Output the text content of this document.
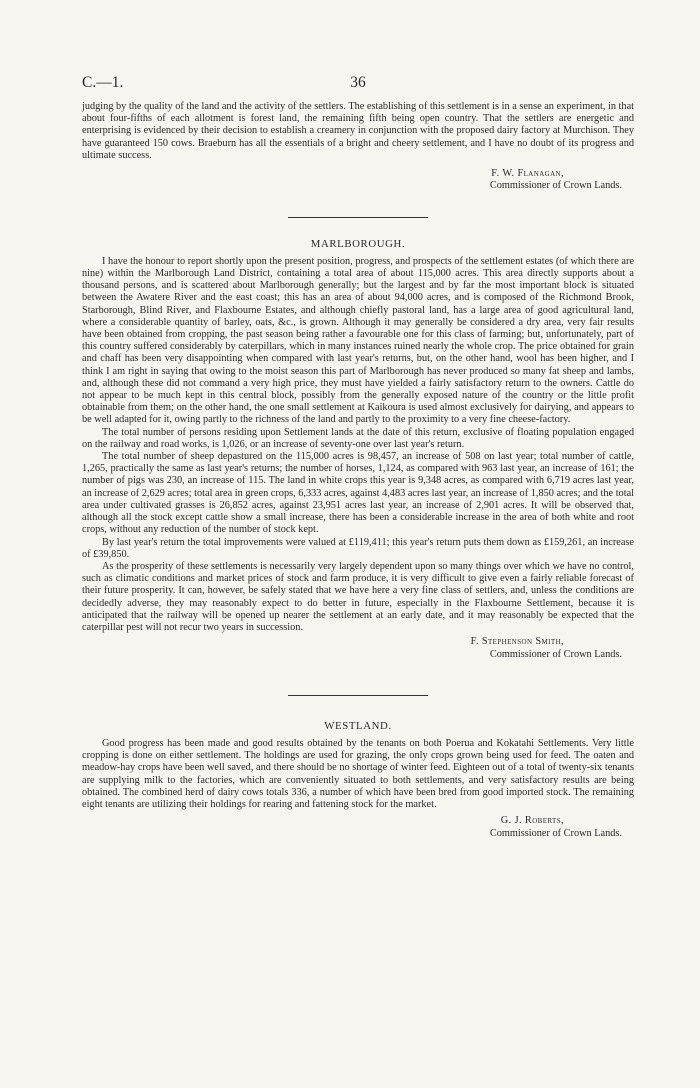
C.—1.	36

judging by the quality of the land and the activity of the settlers. The establishing of this settlement is in a sense an experiment, in that about four-fifths of each allotment is forest land, the remaining fifth being open country. That the settlers are energetic and enterprising is evidenced by their decision to establish a creamery in conjunction with the proposed dairy factory at Murchison. They have guaranteed 150 cows. Braeburn has all the essentials of a bright and cheery settlement, and I have no doubt of its progress and ultimate success.

F. W. Flanagan,
Commissioner of Crown Lands.
MARLBOROUGH.

I have the honour to report shortly upon the present position, progress, and prospects of the settlement estates (of which there are nine) within the Marlborough Land District, containing a total area of about 115,000 acres. This area directly supports about a thousand persons, and is scattered about Marlborough generally; but the largest and by far the most important block is situated between the Awatere River and the east coast; this has an area of about 94,000 acres, and is composed of the Richmond Brook, Starborough, Blind River, and Flaxbourne Estates, and although chiefly pastoral land, has a large area of good agricultural land, where a considerable quantity of barley, oats, &c., is grown. Although it may generally be considered a dry area, very fair results have been obtained from cropping, the past season being rather a favourable one for this class of farming; but, unfortunately, part of this country suffered considerably by caterpillars, which in many instances ruined nearly the whole crop. The price obtained for grain and chaff has been very disappointing when compared with last year's returns, but, on the other hand, wool has been higher, and I think I am right in saying that owing to the moist season this part of Marlborough has never produced so many fat sheep and lambs, and, although these did not command a very high price, they must have yielded a fairly satisfactory return to the owners. Cattle do not appear to be much kept in this central block, possibly from the generally exposed nature of the country or the little profit obtainable from them; on the other hand, the one small settlement at Kaikoura is used almost exclusively for dairying, and appears to be well adapted for it, owing partly to the richness of the land and partly to the proximity to a very fine cheese-factory.

The total number of persons residing upon Settlement lands at the date of this return, exclusive of floating population engaged on the railway and road works, is 1,026, or an increase of seventy-one over last year's return.

The total number of sheep depastured on the 115,000 acres is 98,457, an increase of 508 on last year; total number of cattle, 1,265, practically the same as last year's returns; the number of horses, 1,124, as compared with 963 last year, an increase of 161; the number of pigs was 230, an increase of 115. The land in white crops this year is 9,348 acres, as compared with 6,719 acres last year, an increase of 2,629 acres; total area in green crops, 6,333 acres, against 4,483 acres last year, an increase of 1,850 acres; and the total area under cultivated grasses is 26,852 acres, against 23,951 acres last year, an increase of 2,901 acres. It will be observed that, although all the stock except cattle show a small increase, there has been a considerable increase in the area of both white and root crops, without any reduction of the number of stock kept.

By last year's return the total improvements were valued at £119,411; this year's return puts them down as £159,261, an increase of £39,850.

As the prosperity of these settlements is necessarily very largely dependent upon so many things over which we have no control, such as climatic conditions and market prices of stock and farm produce, it is very difficult to give even a fairly reliable forecast of their future prosperity. It can, however, be safely stated that we have here a very fine class of settlers, and, unless the conditions are decidedly adverse, they may reasonably expect to do better in future, especially in the Flaxbourne Settlement, because it is anticipated that the railway will be opened up nearer the settlement at an early date, and it may reasonably be expected that the caterpillar pest will not recur two years in succession.

F. Stephenson Smith,
Commissioner of Crown Lands.
WESTLAND.

Good progress has been made and good results obtained by the tenants on both Poerua and Kokatahi Settlements. Very little cropping is done on either settlement. The holdings are used for grazing, the only crops grown being used for feed. The oaten and meadow-hay crops have been well saved, and there should be no shortage of winter feed. Eighteen out of a total of twenty-six tenants are supplying milk to the factories, which are conveniently situated to both settlements, and very satisfactory results are being obtained. The combined herd of dairy cows totals 336, a number of which have been bred from good imported stock. The remaining eight tenants are utilizing their holdings for rearing and fattening stock for the market.

G. J. Roberts,
Commissioner of Crown Lands.
